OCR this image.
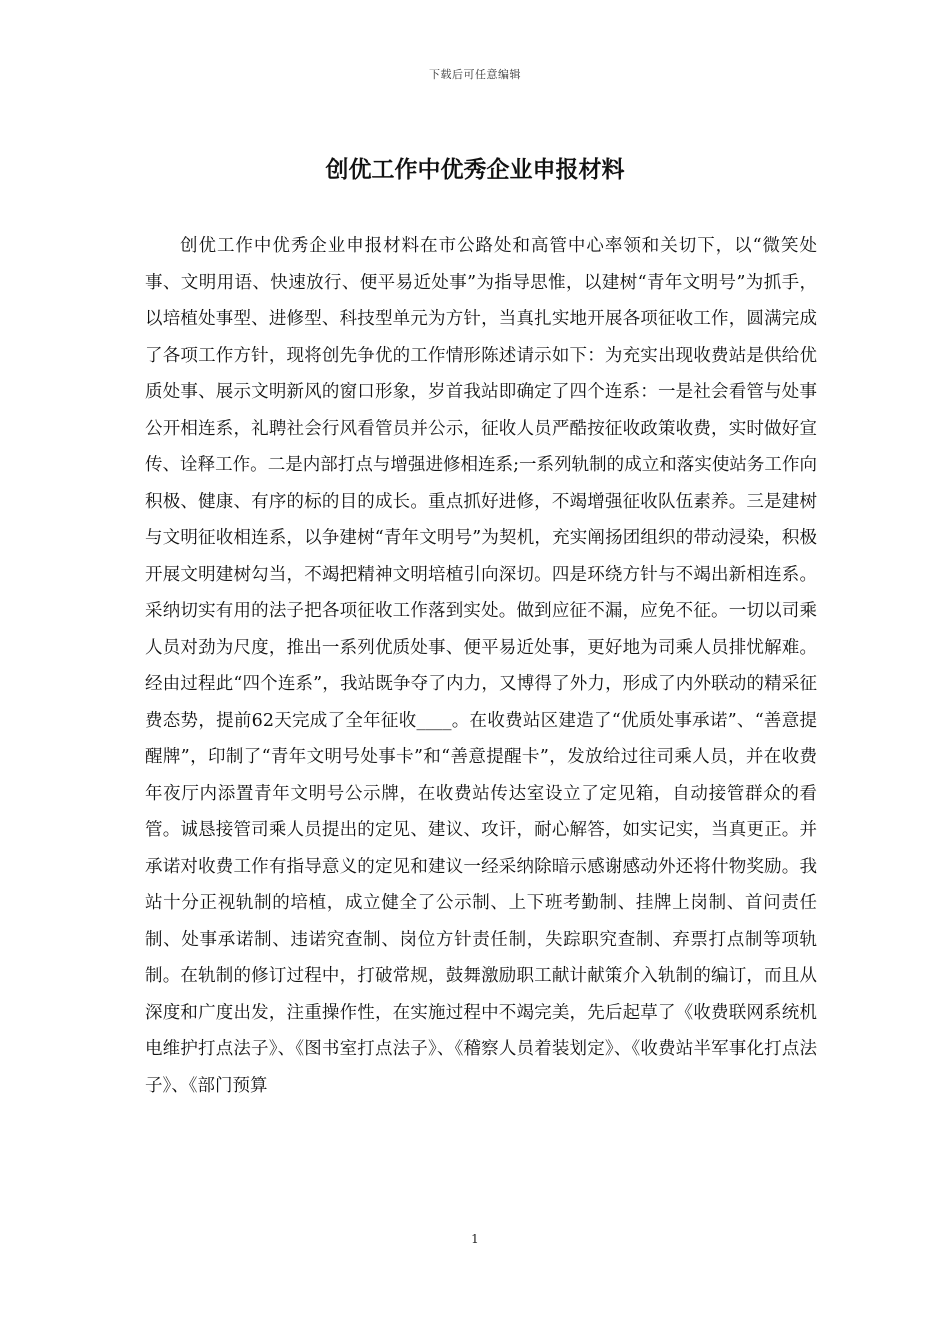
下载后可任意编辑
创优工作中优秀企业申报材料

创优工作中优秀企业申报材料在市公路处和高管中心率领和关切下，以“微笑处事、文明用语、快速放行、便平易近处事”为指导思惟，以建树“青年文明号”为抓手，以培植处事型、进修型、科技型单元为方针，当真扎实地开展各项征收工作，圆满完成了各项工作方针，现将创先争优的工作情形陈述请示如下：为充实出现收费站是供给优质处事、展示文明新风的窗口形象，岁首我站即确定了四个连系：一是社会看管与处事公开相连系，礼聘社会行风看管员并公示，征收人员严酷按征收政策收费，实时做好宣传、诠释工作。二是内部打点与增强进修相连系;一系列轨制的成立和落实使站务工作向积极、健康、有序的标的目的成长。重点抓好进修，不竭增强征收队伍素养。三是建树与文明征收相连系，以争建树“青年文明号”为契机，充实阐扬团组织的带动浸染，积极开展文明建树勾当，不竭把精神文明培植引向深切。四是环绕方针与不竭出新相连系。采纳切实有用的法子把各项征收工作落到实处。做到应征不漏，应免不征。一切以司乘人员对劲为尺度，推出一系列优质处事、便平易近处事，更好地为司乘人员排忧解难。经由过程此“四个连系”，我站既争夺了内力，又博得了外力，形成了内外联动的精采征费态势，提前62天完成了全年征收____。在收费站区建造了“优质处事承诺”、“善意提醒牌”，印制了“青年文明号处事卡”和“善意提醒卡”，发放给过往司乘人员，并在收费年夜厅内添置青年文明号公示牌，在收费站传达室设立了定见箱，自动接管群众的看管。诚恳接管司乘人员提出的定见、建议、攻讦，耐心解答，如实记实，当真更正。并承诺对收费工作有指导意义的定见和建议一经采纳除暗示感谢感动外还将什物奖励。我站十分正视轨制的培植，成立健全了公示制、上下班考勤制、挂牌上岗制、首问责任制、处事承诺制、违诺究查制、岗位方针责任制，失踪职究查制、弃票打点制等项轨制。在轨制的修订过程中，打破常规，鼓舞激励职工献计献策介入轨制的编订，而且从深度和广度出发，注重操作性，在实施过程中不竭完美，先后起草了《收费联网系统机电维护打点法子》、《图书室打点法子》、《稽察人员着装划定》、《收费站半军事化打点法子》、《部门预算

1
